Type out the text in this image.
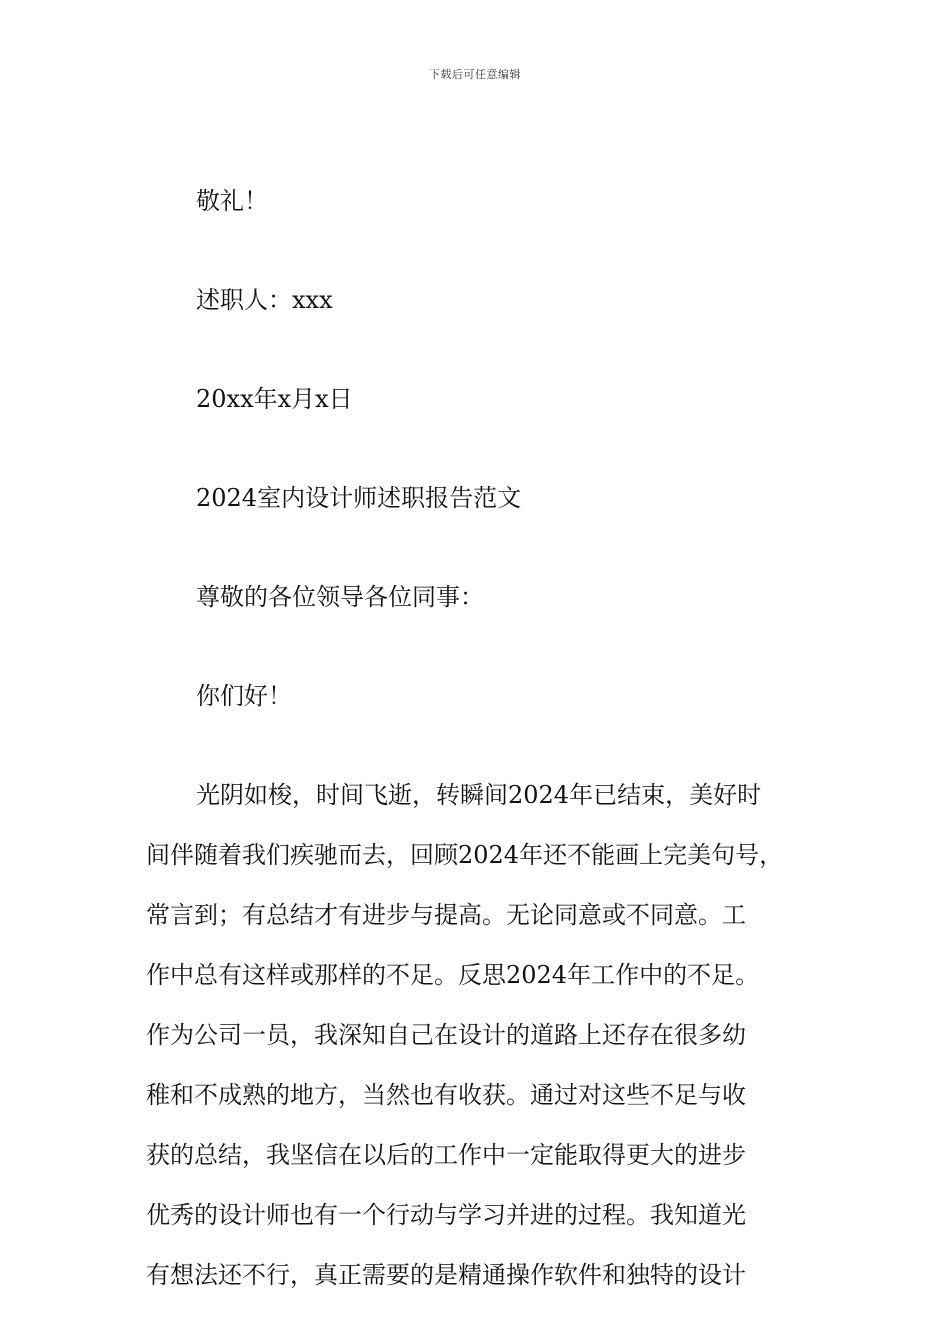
下载后可任意编辑
敬礼！
述职人：xxx
20xx年x月x日
2024室内设计师述职报告范文
尊敬的各位领导各位同事：
你们好！
光阴如梭，时间飞逝，转瞬间2024年已结束，美好时
间伴随着我们疾驰而去，回顾2024年还不能画上完美句号，
常言到；有总结才有进步与提高。无论同意或不同意。工
作中总有这样或那样的不足。反思2024年工作中的不足。
作为公司一员，我深知自己在设计的道路上还存在很多幼
稚和不成熟的地方，当然也有收获。通过对这些不足与收
获的总结，我坚信在以后的工作中一定能取得更大的进步
优秀的设计师也有一个行动与学习并进的过程。我知道光
有想法还不行，真正需要的是精通操作软件和独特的设计
